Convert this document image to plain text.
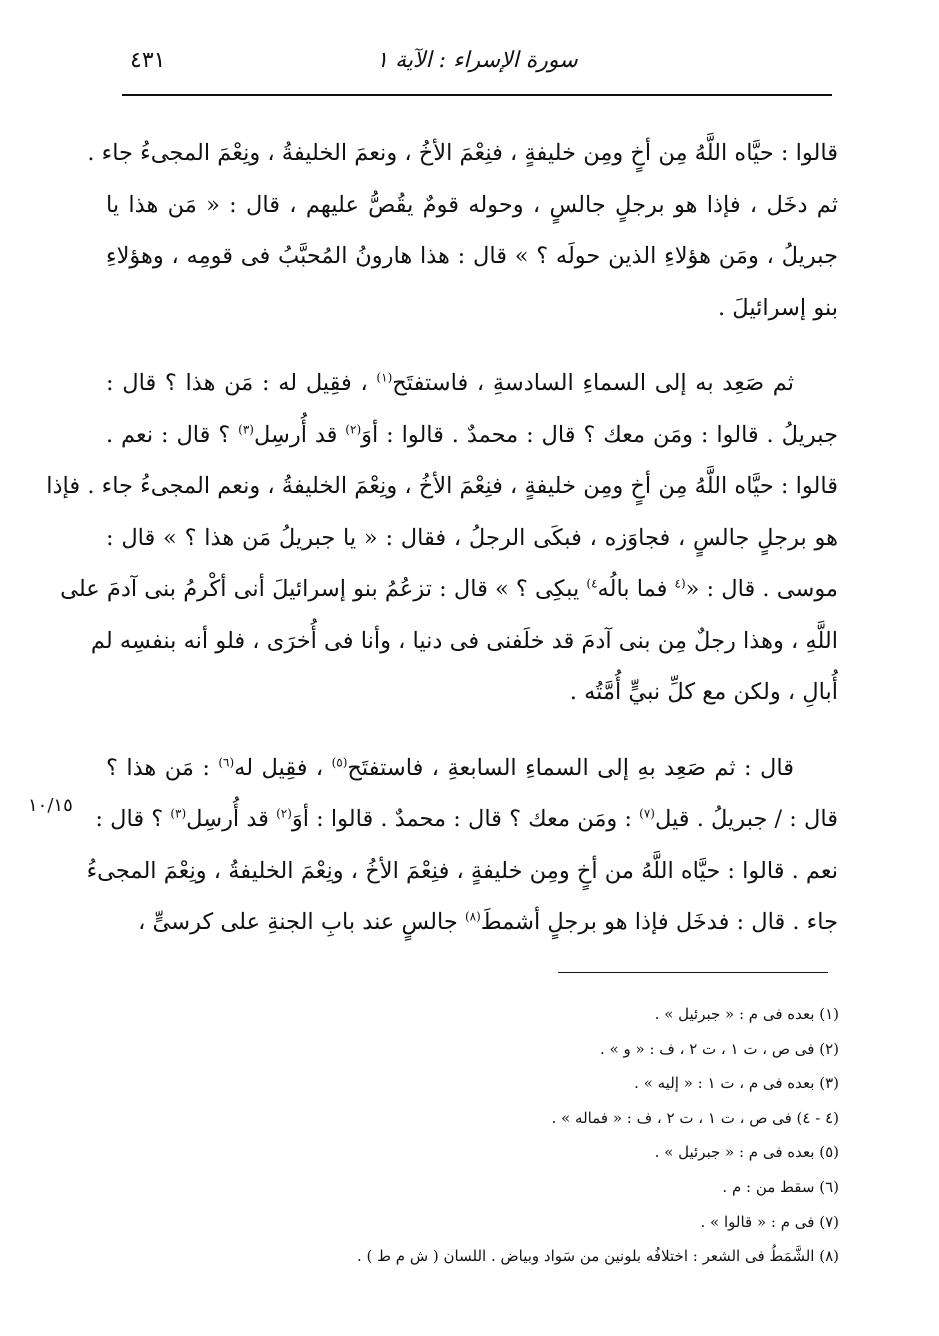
سورة الإسراء : الآية ١
٤٣١
١٠/١٥
قالوا : حيَّاه اللَّهُ مِن أخٍ ومِن خليفةٍ ، فنِعْمَ الأخُ ، ونعمَ الخليفةُ ، ونِعْمَ المجىءُ جاء .
ثم دخَل ، فإذا هو برجلٍ جالسٍ ، وحوله قومٌ يقُصُّ عليهم ، قال : « مَن هذا يا
جبريلُ ، ومَن هؤلاءِ الذين حولَه ؟ » قال : هذا هارونُ المُحبَّبُ فى قومِه ، وهؤلاءِ
بنو إسرائيلَ .
ثم صَعِد به إلى السماءِ السادسةِ ، فاستفتَح$^{(١)}$ ، فقِيل له : مَن هذا ؟ قال :
جبريلُ . قالوا : ومَن معك ؟ قال : محمدٌ . قالوا : أوَ$^{(٢)}$ قد أُرسِل$^{(٣)}$ ؟ قال : نعم .
قالوا : حيَّاه اللَّهُ مِن أخٍ ومِن خليفةٍ ، فنِعْمَ الأخُ ، ونِعْمَ الخليفةُ ، ونعم المجىءُ جاء . فإذا
هو برجلٍ جالسٍ ، فجاوَزه ، فبكَى الرجلُ ، فقال : « يا جبريلُ مَن هذا ؟ » قال :
موسى . قال : «$^{(٤}$ فما بالُه$^{٤)}$ يبكِى ؟ » قال : تزعُمُ بنو إسرائيلَ أنى أكْرمُ بنى آدمَ على
اللَّهِ ، وهذا رجلٌ مِن بنى آدمَ قد خلَفنى فى دنيا ، وأنا فى أُخرَى ، فلو أنه بنفسِه لم
أُبالِ ، ولكن مع كلِّ نبيٍّ أُمَّتُه .
قال : ثم صَعِد بهِ إلى السماءِ السابعةِ ، فاستفتَح$^{(٥)}$ ، فقِيل له$^{(٦)}$ : مَن هذا ؟
قال : / جبريلُ . قيل$^{(٧)}$ : ومَن معك ؟ قال : محمدٌ . قالوا : أوَ$^{(٢)}$ قد أُرسِل$^{(٣)}$ ؟ قال :
نعم . قالوا : حيَّاه اللَّهُ من أخٍ ومِن خليفةٍ ، فنِعْمَ الأخُ ، ونِعْمَ الخليفةُ ، ونِعْمَ المجىءُ
جاء . قال : فدخَل فإذا هو برجلٍ أشمطَ$^{(٨)}$ جالسٍ عند بابِ الجنةِ على كرسىٍّ ،
(١) بعده فى م : « جبرئيل » .
(٢) فى ص ، ت ١ ، ت ٢ ، ف : « و » .
(٣) بعده فى م ، ت ١ : « إليه » .
(٤ - ٤) فى ص ، ت ١ ، ت ٢ ، ف : « فماله » .
(٥) بعده فى م : « جبرئيل » .
(٦) سقط من : م .
(٧) فى م : « قالوا » .
(٨) الشَّمَطُ فى الشعر : اختلافُه بلونين من سَواد وبياض . اللسان ( ش م ط ) .
